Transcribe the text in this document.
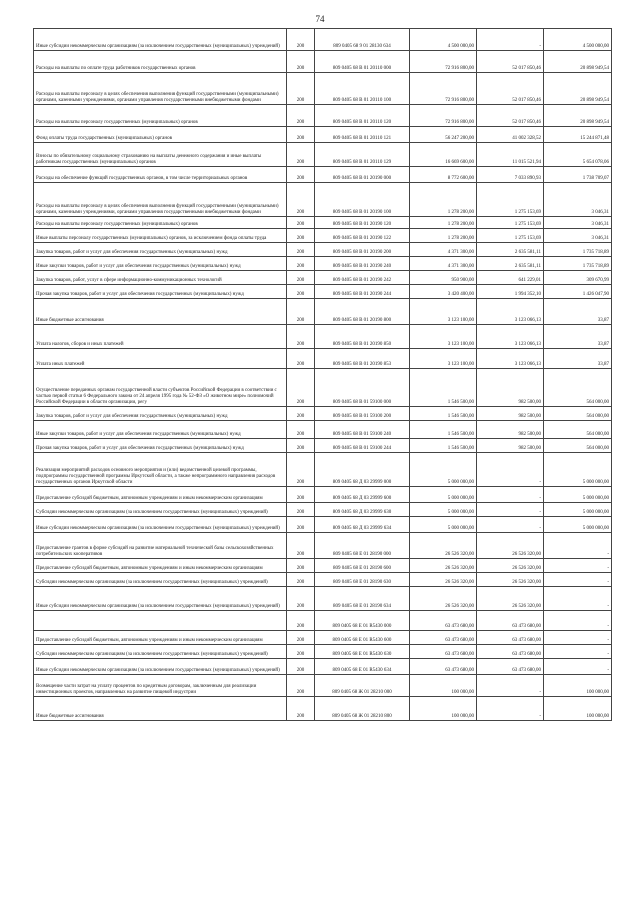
74
Иные субсидии некоммерческим организациям (за исключением государственных (муниципальных) учреждений)	200	809 0405 68 9 01 28130 634	4 500 000,00	-	4 500 000,00
Расходы на выплаты по оплате труда работников государственных органов	200	809 0405 68 В 01 20110 000	72 916 800,00	52 017 850,46	20 898 949,54
Расходы на выплаты персоналу в целях обеспечения выполнения функций государственными (муниципальными) органами, казенными учреждениями, органами управления государственными внебюджетными фондами	200	809 0405 68 В 01 20110 100	72 916 800,00	52 017 850,46	20 898 949,54
Расходы на выплаты персоналу государственных (муниципальных) органов	200	809 0405 68 В 01 20110 120	72 916 800,00	52 017 850,46	20 898 949,54
Фонд оплаты труда государственных (муниципальных) органов	200	809 0405 68 В 01 20110 121	56 247 200,00	41 002 328,52	15 244 871,48
Взносы по обязательному социальному страхованию на выплаты денежного содержания и иные выплаты работникам государственных (муниципальных) органов	200	809 0405 68 В 01 20110 129	16 669 600,00	11 015 521,94	5 654 078,06
Расходы на обеспечение функций государственных органов, в том числе территориальных органов	200	809 0405 68 В 01 20190 000	8 772 600,00	7 033 890,93	1 738 709,07
Расходы на выплаты персоналу в целях обеспечения выполнения функций государственными (муниципальными) органами, казенными учреждениями, органами управления государственными внебюджетными фондами	200	809 0405 68 В 01 20190 100	1 278 200,00	1 275 153,69	3 046,31
Расходы на выплаты персоналу государственных (муниципальных) органов	200	809 0405 68 В 01 20190 120	1 278 200,00	1 275 153,69	3 046,31
Иные выплаты персоналу государственных (муниципальных) органов, за исключением фонда оплаты труда	200	809 0405 68 В 01 20190 122	1 278 200,00	1 275 153,69	3 046,31
Закупка товаров, работ и услуг для обеспечения государственных (муниципальных) нужд	200	809 0405 68 В 01 20190 200	4 371 300,00	2 635 581,11	1 735 718,89
Иные закупки товаров, работ и услуг для обеспечения государственных (муниципальных) нужд	200	809 0405 68 В 01 20190 240	4 371 300,00	2 635 581,11	1 735 718,89
Закупка товаров, работ, услуг в сфере информационно-коммуникационных технологий	200	809 0405 68 В 01 20190 242	950 900,00	641 229,01	309 670,99
Прочая закупка товаров, работ и услуг для обеспечения государственных (муниципальных) нужд	200	809 0405 68 В 01 20190 244	3 420 400,00	1 994 352,10	1 426 047,90
Иные бюджетные ассигнования	200	809 0405 68 В 01 20190 800	3 123 100,00	3 123 066,13	33,87
Уплата налогов, сборов и иных платежей	200	809 0405 68 В 01 20190 850	3 123 100,00	3 123 066,13	33,87
Уплата иных платежей	200	809 0405 68 В 01 20190 853	3 123 100,00	3 123 066,13	33,87
Осуществление переданных органам государственной власти субъектов Российской Федерации в соответствии с частью первой статьи 6 Федерального закона от 24 апреля 1995 года № 52-ФЗ «О животном мире» полномочий Российской Федерации в области организации, регу	200	809 0405 68 В 01 59100 000	1 546 500,00	982 500,00	564 000,00
Закупка товаров, работ и услуг для обеспечения государственных (муниципальных) нужд	200	809 0405 68 В 01 59100 200	1 546 500,00	982 500,00	564 000,00
Иные закупки товаров, работ и услуг для обеспечения государственных (муниципальных) нужд	200	809 0405 68 В 01 59100 240	1 546 500,00	982 500,00	564 000,00
Прочая закупка товаров, работ и услуг для обеспечения государственных (муниципальных) нужд	200	809 0405 68 В 01 59100 244	1 546 500,00	982 500,00	564 000,00
Реализация мероприятий расходов основного мероприятия и (или) ведомственной целевой программы, подпрограммы государственной программы Иркутской области, а также непрограммного направления расходов государственных органов Иркутской области	200	809 0405 68 Д 03 29999 000	5 000 000,00	-	5 000 000,00
Предоставление субсидий бюджетным, автономным учреждениям и иным некоммерческим организациям	200	809 0405 68 Д 03 29999 600	5 000 000,00	-	5 000 000,00
Субсидии некоммерческим организациям (за исключением государственных (муниципальных) учреждений)	200	809 0405 68 Д 03 29999 630	5 000 000,00	-	5 000 000,00
Иные субсидии некоммерческим организациям (за исключением государственных (муниципальных) учреждений)	200	809 0405 68 Д 03 29999 634	5 000 000,00	-	5 000 000,00
Предоставление грантов в форме субсидий на развитие материальной технической базы сельскохозяйственных потребительских кооперативов	200	809 0405 68 Е 01 28190 000	26 526 320,00	26 526 320,00	-
Предоставление субсидий бюджетным, автономным учреждениям и иным некоммерческим организациям	200	809 0405 68 Е 01 28190 600	26 526 320,00	26 526 320,00	-
Субсидии некоммерческим организациям (за исключением государственных (муниципальных) учреждений)	200	809 0405 68 Е 01 28190 630	26 526 320,00	26 526 320,00	-
Иные субсидии некоммерческим организациям (за исключением государственных (муниципальных) учреждений)	200	809 0405 68 Е 01 28190 634	26 526 320,00	26 526 320,00	-
	200	809 0405 68 Е 01 R5430 000	63 473 680,00	63 473 680,00	-
Предоставление субсидий бюджетным, автономным учреждениям и иным некоммерческим организациям	200	809 0405 68 Е 01 R5430 600	63 473 680,00	63 473 680,00	-
Субсидии некоммерческим организациям (за исключением государственных (муниципальных) учреждений)	200	809 0405 68 Е 01 R5430 630	63 473 680,00	63 473 680,00	-
Иные субсидии некоммерческим организациям (за исключением государственных (муниципальных) учреждений)	200	809 0405 68 Е 01 R5430 634	63 473 680,00	63 473 680,00	-
Возмещение части затрат на уплату процентов по кредитным договорам, заключенным для реализации инвестиционных проектов, направленных на развитие пищевой индустрии	200	809 0405 68 Ж 01 28210 000	100 000,00	-	100 000,00
Иные бюджетные ассигнования	200	809 0405 68 Ж 01 28210 800	100 000,00	-	100 000,00
